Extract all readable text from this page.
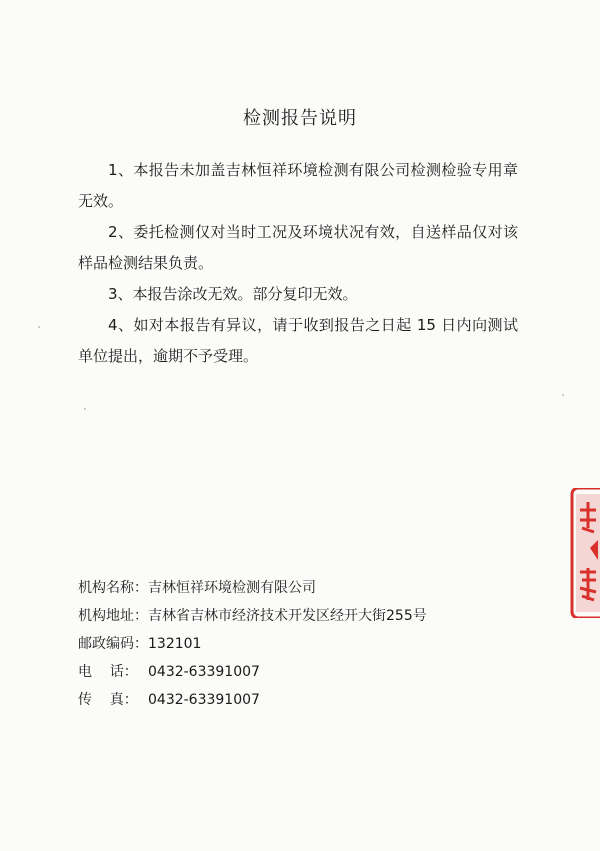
检测报告说明

1、本报告未加盖吉林恒祥环境检测有限公司检测检验专用章无效。

2、委托检测仅对当时工况及环境状况有效，自送样品仅对该样品检测结果负责。

3、本报告涂改无效。部分复印无效。

4、如对本报告有异议，请于收到报告之日起 15 日内向测试单位提出，逾期不予受理。

机构名称： 吉林恒祥环境检测有限公司
机构地址： 吉林省吉林市经济技术开发区经开大街255号
邮政编码： 132101
电    话： 0432-63391007
传    真： 0432-63391007
